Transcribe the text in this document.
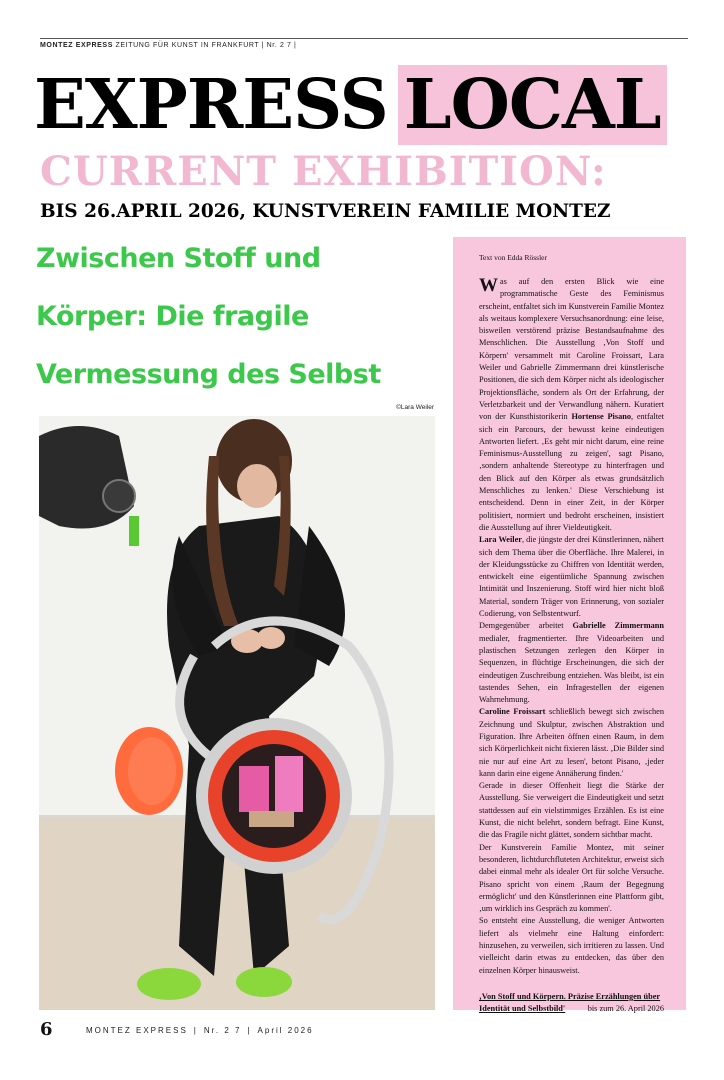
MONTEZ EXPRESS ZEITUNG FÜR KUNST IN FRANKFURT | Nr. 2 7 |
EXPRESS LOCAL
CURRENT EXHIBITION:
BIS 26.APRIL 2026, KUNSTVEREIN FAMILIE MONTEZ
Zwischen Stoff und Körper: Die fragile Vermessung des Selbst
©Lara Weiler

Text von Edda Rössler

Was auf den ersten Blick wie eine programmatische Geste des Feminismus erscheint, entfaltet sich im Kunstverein Familie Montez als weitaus komplexere Versuchsanordnung: eine leise, bisweilen verstörend präzise Bestandsaufnahme des Menschlichen. Die Ausstellung ‚Von Stoff und Körpern' versammelt mit Caroline Froissart, Lara Weiler und Gabrielle Zimmermann drei künstlerische Positionen, die sich dem Körper nicht als ideologischer Projektionsfläche, sondern als Ort der Erfahrung, der Verletzbarkeit und der Verwandlung nähern. Kuratiert von der Kunsthistorikerin Hortense Pisano, entfaltet sich ein Parcours, der bewusst keine eindeutigen Antworten liefert. ‚Es geht mir nicht darum, eine reine Feminismus-Ausstellung zu zeigen', sagt Pisano, ‚sondern anhaltende Stereotype zu hinterfragen und den Blick auf den Körper als etwas grundsätzlich Menschliches zu lenken.' Diese Verschiebung ist entscheidend. Denn in einer Zeit, in der Körper politisiert, normiert und bedroht erscheinen, insistiert die Ausstellung auf ihrer Vieldeutigkeit.

Lara Weiler, die jüngste der drei Künstlerinnen, nähert sich dem Thema über die Oberfläche. Ihre Malerei, in der Kleidungsstücke zu Chiffren von Identität werden, entwickelt eine eigentümliche Spannung zwischen Intimität und Inszenierung. Stoff wird hier nicht bloß Material, sondern Träger von Erinnerung, von sozialer Codierung, von Selbstentwurf.

Demgegenüber arbeitet Gabrielle Zimmermann medialer, fragmentierter. Ihre Videoarbeiten und plastischen Setzungen zerlegen den Körper in Sequenzen, in flüchtige Erscheinungen, die sich der eindeutigen Zuschreibung entziehen. Was bleibt, ist ein tastendes Sehen, ein Infragestellen der eigenen Wahrnehmung.

Caroline Froissart schließlich bewegt sich zwischen Zeichnung und Skulptur, zwischen Abstraktion und Figuration. Ihre Arbeiten öffnen einen Raum, in dem sich Körperlichkeit nicht fixieren lässt. ‚Die Bilder sind nie nur auf eine Art zu lesen', betont Pisano, ‚jeder kann darin eine eigene Annäherung finden.'

Gerade in dieser Offenheit liegt die Stärke der Ausstellung. Sie verweigert die Eindeutigkeit und setzt stattdessen auf ein vielstimmiges Erzählen. Es ist eine Kunst, die nicht belehrt, sondern befragt. Eine Kunst, die das Fragile nicht glättet, sondern sichtbar macht.

Der Kunstverein Familie Montez, mit seiner besonderen, lichtdurchfluteten Architektur, erweist sich dabei einmal mehr als idealer Ort für solche Versuche. Pisano spricht von einem ‚Raum der Begegnung ermöglicht' und den Künstlerinnen eine Plattform gibt, ‚um wirklich ins Gespräch zu kommen'.

So entsteht eine Ausstellung, die weniger Antworten liefert als vielmehr eine Haltung einfordert: hinzusehen, zu verweilen, sich irritieren zu lassen. Und vielleicht darin etwas zu entdecken, das über den einzelnen Körper hinausweist.

‚Von Stoff und Körpern. Präzise Erzählungen über Identität und Selbstbild'	bis zum 26. April 2026
6	MONTEZ EXPRESS | Nr. 2 7 | April 2026
